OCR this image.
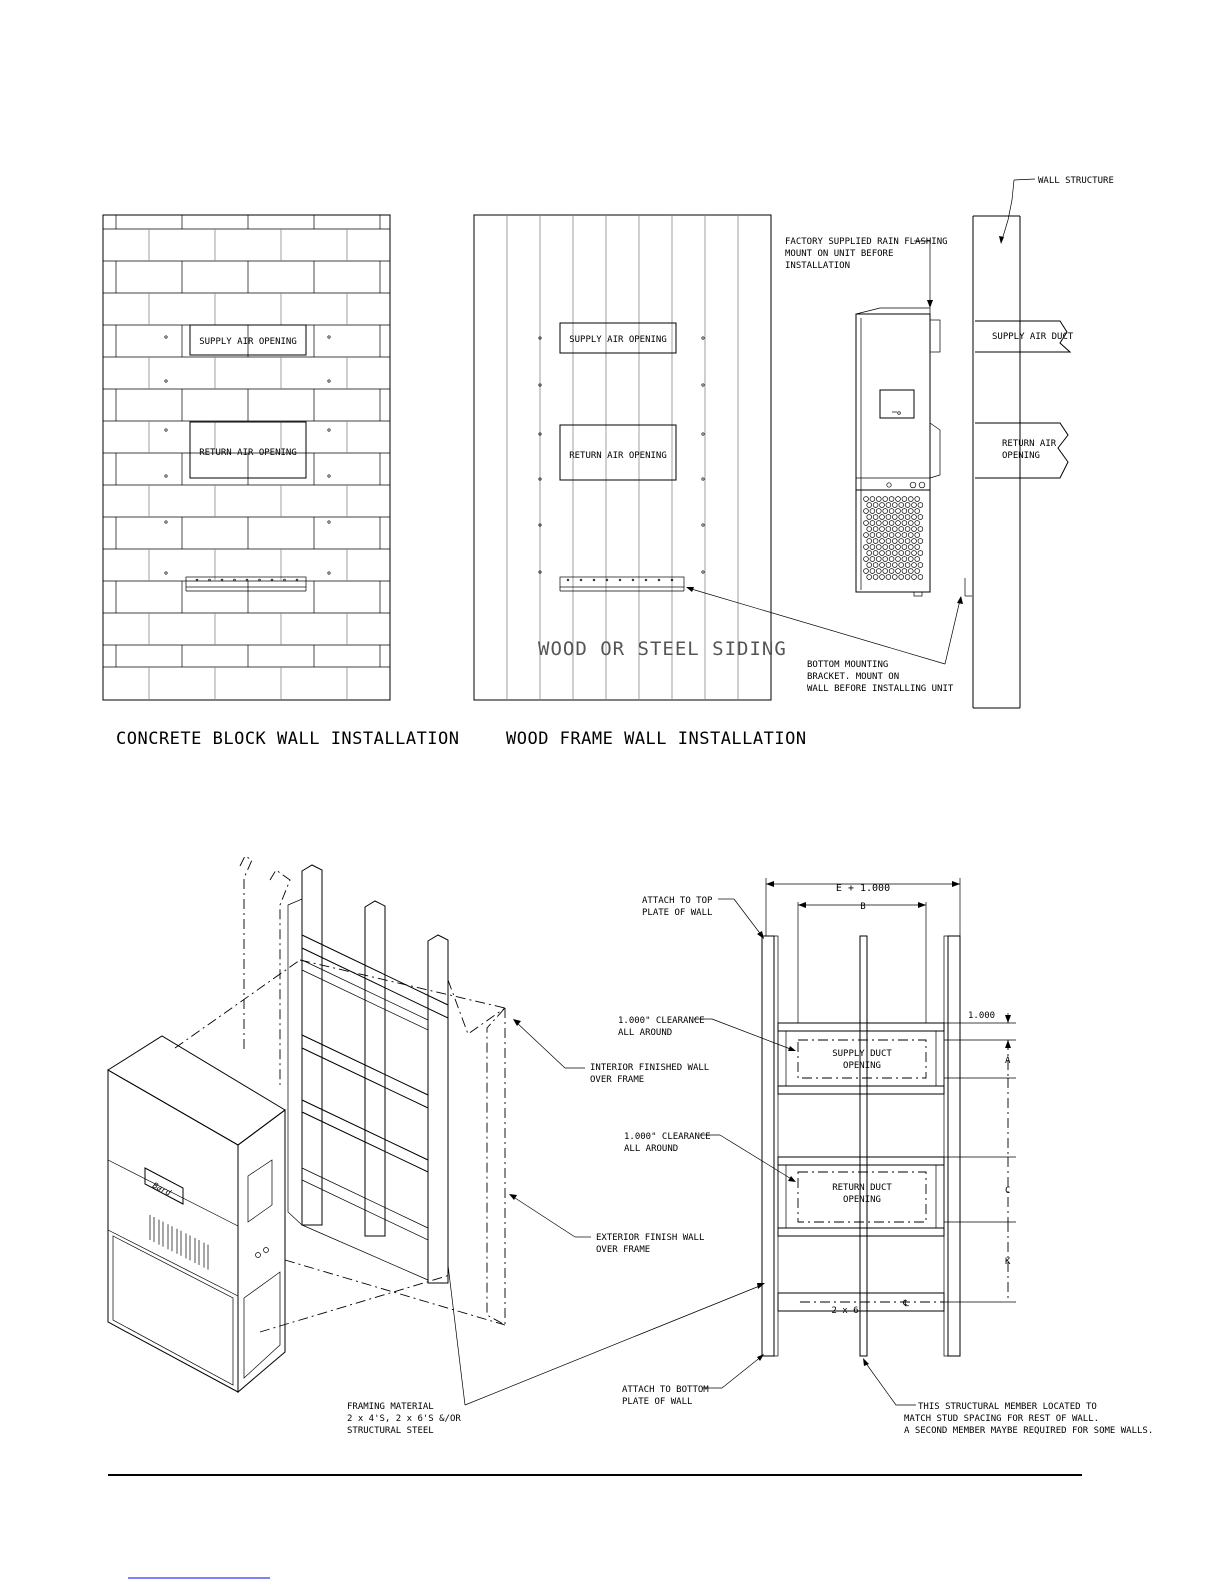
SUPPLY AIR OPENING
RETURN AIR OPENING
CONCRETE BLOCK WALL INSTALLATION
SUPPLY AIR OPENING
RETURN AIR OPENING
WOOD OR STEEL SIDING
WOOD FRAME WALL INSTALLATION
WALL STRUCTURE
FACTORY SUPPLIED RAIN FLASHING
MOUNT ON UNIT BEFORE
INSTALLATION
SUPPLY AIR DUCT
RETURN AIR
OPENING
BOTTOM MOUNTING
BRACKET. MOUNT ON
WALL BEFORE INSTALLING UNIT
Bard
INTERIOR FINISHED WALL
OVER FRAME
EXTERIOR FINISH WALL
OVER FRAME
FRAMING MATERIAL
2 x 4'S, 2 x 6'S &/OR
STRUCTURAL STEEL
E + 1.000
B
1.000
A
C
K
ATTACH TO TOP
PLATE OF WALL
1.000" CLEARANCE
ALL AROUND
1.000" CLEARANCE
ALL AROUND
SUPPLY DUCT
OPENING
RETURN DUCT
OPENING
2 x 6
℄
ATTACH TO BOTTOM
PLATE OF WALL	THIS STRUCTURAL MEMBER LOCATED TO
MATCH STUD SPACING FOR REST OF WALL.
A SECOND MEMBER MAYBE REQUIRED FOR SOME WALLS.
